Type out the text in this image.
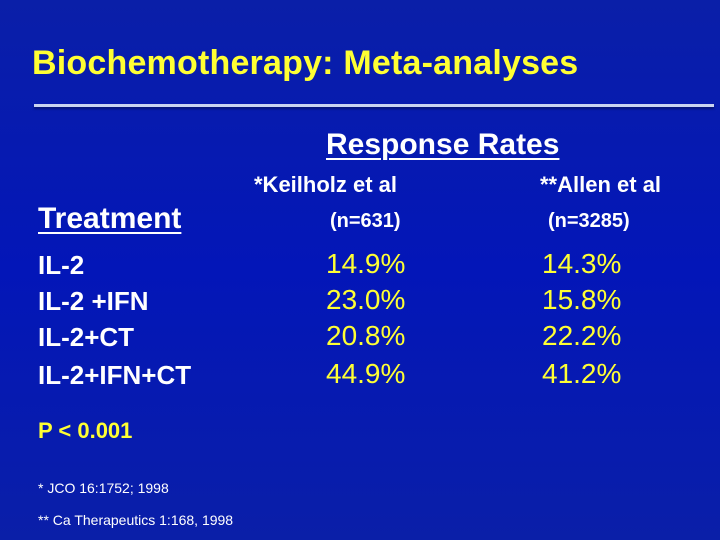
Biochemotherapy: Meta-analyses
Response Rates
*Keilholz et al	**Allen et al
(n=631)	(n=3285)
Treatment
IL-2
IL-2 +IFN
IL-2+CT
IL-2+IFN+CT
14.9%
23.0%
20.8%
44.9%
14.3%
15.8%
22.2%
41.2%
P < 0.001
* JCO 16:1752; 1998
** Ca Therapeutics 1:168, 1998
